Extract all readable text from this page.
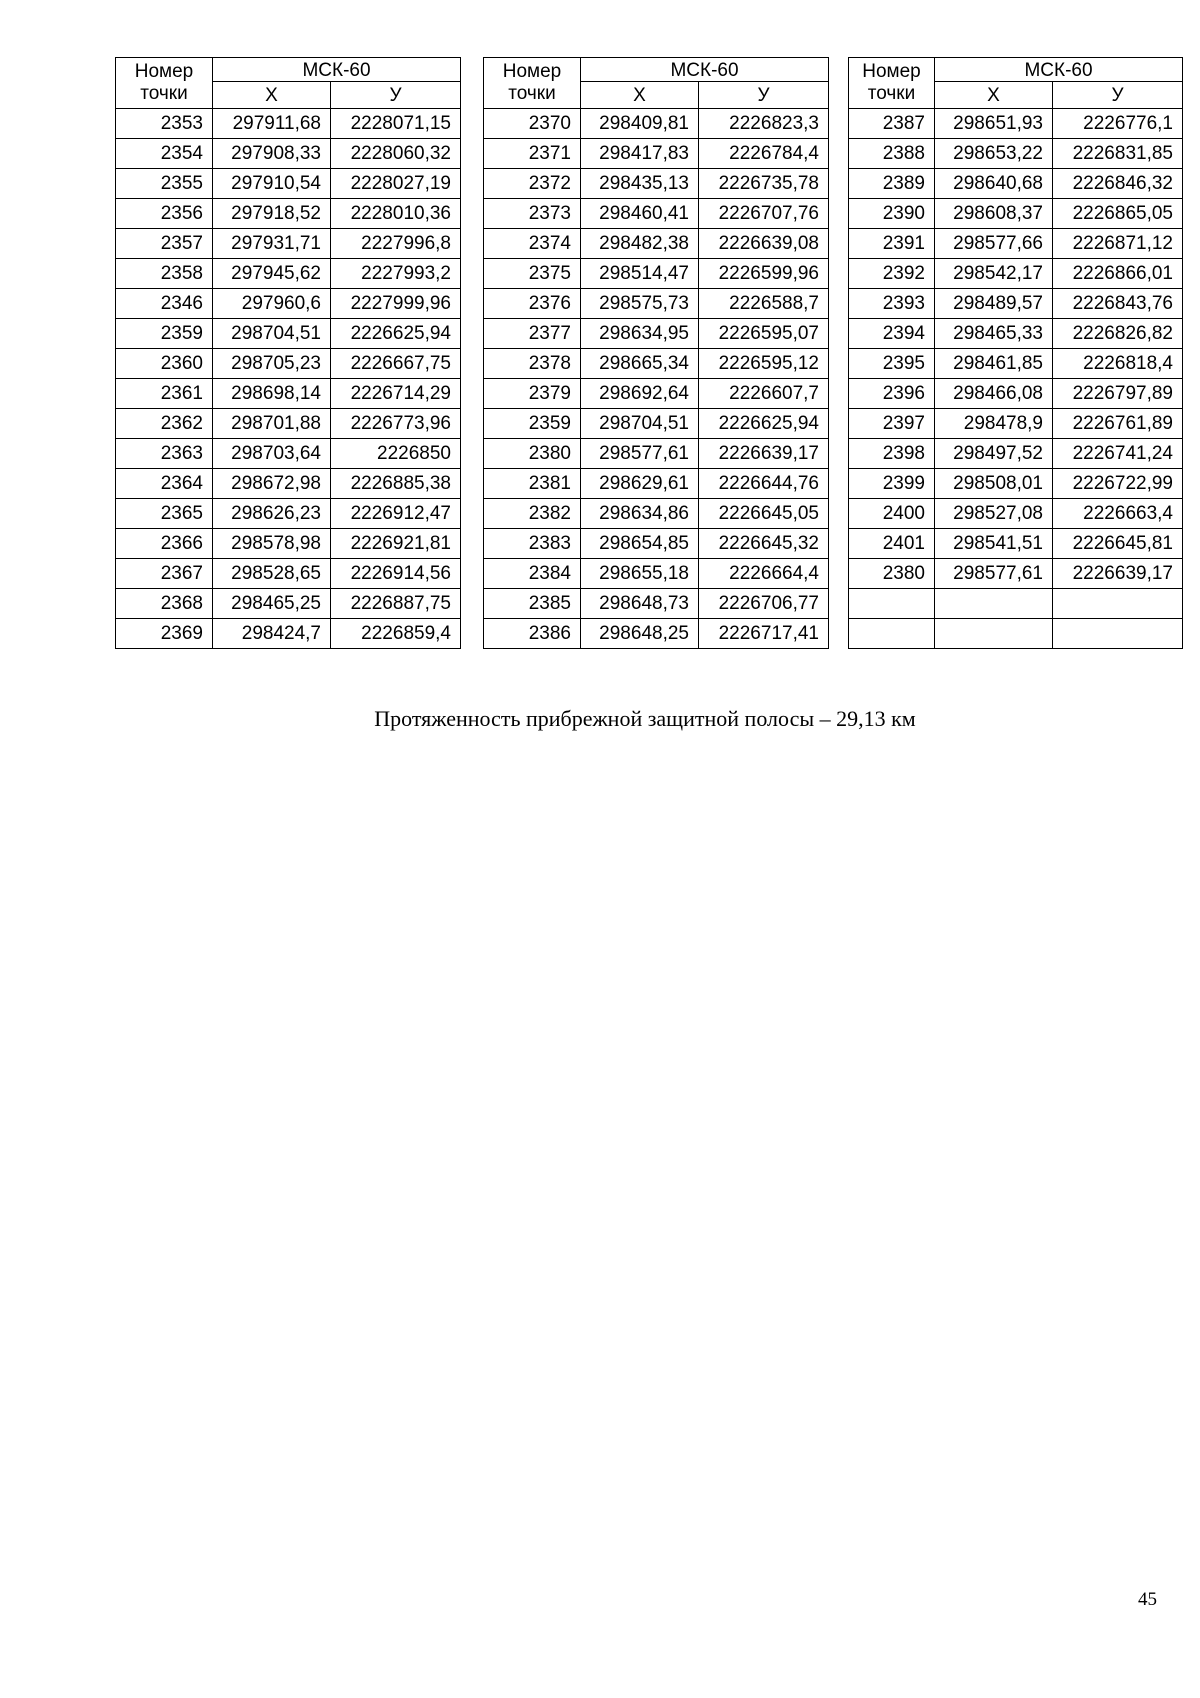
Номер точки	МСК-60	
	Х	У
2353	297911,68	2228071,15
2354	297908,33	2228060,32
2355	297910,54	2228027,19
2356	297918,52	2228010,36
2357	297931,71	2227996,8
2358	297945,62	2227993,2
2346	297960,6	2227999,96
2359	298704,51	2226625,94
2360	298705,23	2226667,75
2361	298698,14	2226714,29
2362	298701,88	2226773,96
2363	298703,64	2226850
2364	298672,98	2226885,38
2365	298626,23	2226912,47
2366	298578,98	2226921,81
2367	298528,65	2226914,56
2368	298465,25	2226887,75
2369	298424,7	2226859,4
Номер точки	МСК-60	
	Х	У
2370	298409,81	2226823,3
2371	298417,83	2226784,4
2372	298435,13	2226735,78
2373	298460,41	2226707,76
2374	298482,38	2226639,08
2375	298514,47	2226599,96
2376	298575,73	2226588,7
2377	298634,95	2226595,07
2378	298665,34	2226595,12
2379	298692,64	2226607,7
2359	298704,51	2226625,94
2380	298577,61	2226639,17
2381	298629,61	2226644,76
2382	298634,86	2226645,05
2383	298654,85	2226645,32
2384	298655,18	2226664,4
2385	298648,73	2226706,77
2386	298648,25	2226717,41
Номер точки	МСК-60	
	Х	У
2387	298651,93	2226776,1
2388	298653,22	2226831,85
2389	298640,68	2226846,32
2390	298608,37	2226865,05
2391	298577,66	2226871,12
2392	298542,17	2226866,01
2393	298489,57	2226843,76
2394	298465,33	2226826,82
2395	298461,85	2226818,4
2396	298466,08	2226797,89
2397	298478,9	2226761,89
2398	298497,52	2226741,24
2399	298508,01	2226722,99
2400	298527,08	2226663,4
2401	298541,51	2226645,81
2380	298577,61	2226639,17

Протяженность прибрежной защитной полосы – 29,13 км
45
